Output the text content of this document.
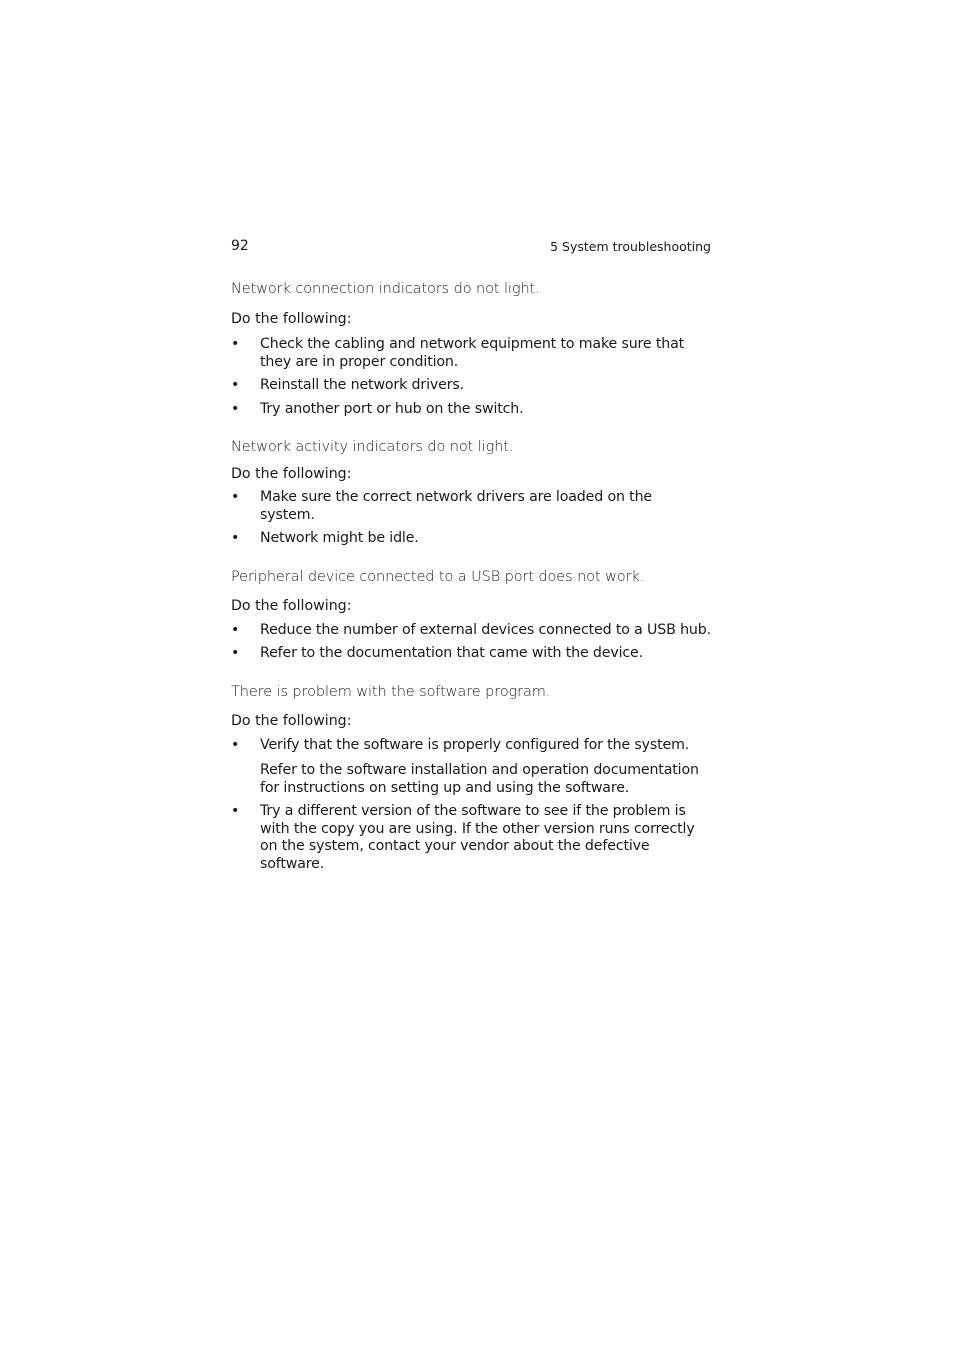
92	5 System troubleshooting

Network connection indicators do not light.

Do the following:

• Check the cabling and network equipment to make sure that they are in proper condition.
• Reinstall the network drivers.
• Try another port or hub on the switch.

Network activity indicators do not light.

Do the following:

• Make sure the correct network drivers are loaded on the system.
• Network might be idle.

Peripheral device connected to a USB port does not work.

Do the following:

• Reduce the number of external devices connected to a USB hub.
• Refer to the documentation that came with the device.

There is problem with the software program.

Do the following:

• Verify that the software is properly configured for the system.
Refer to the software installation and operation documentation for instructions on setting up and using the software.
• Try a different version of the software to see if the problem is with the copy you are using. If the other version runs correctly on the system, contact your vendor about the defective software.
